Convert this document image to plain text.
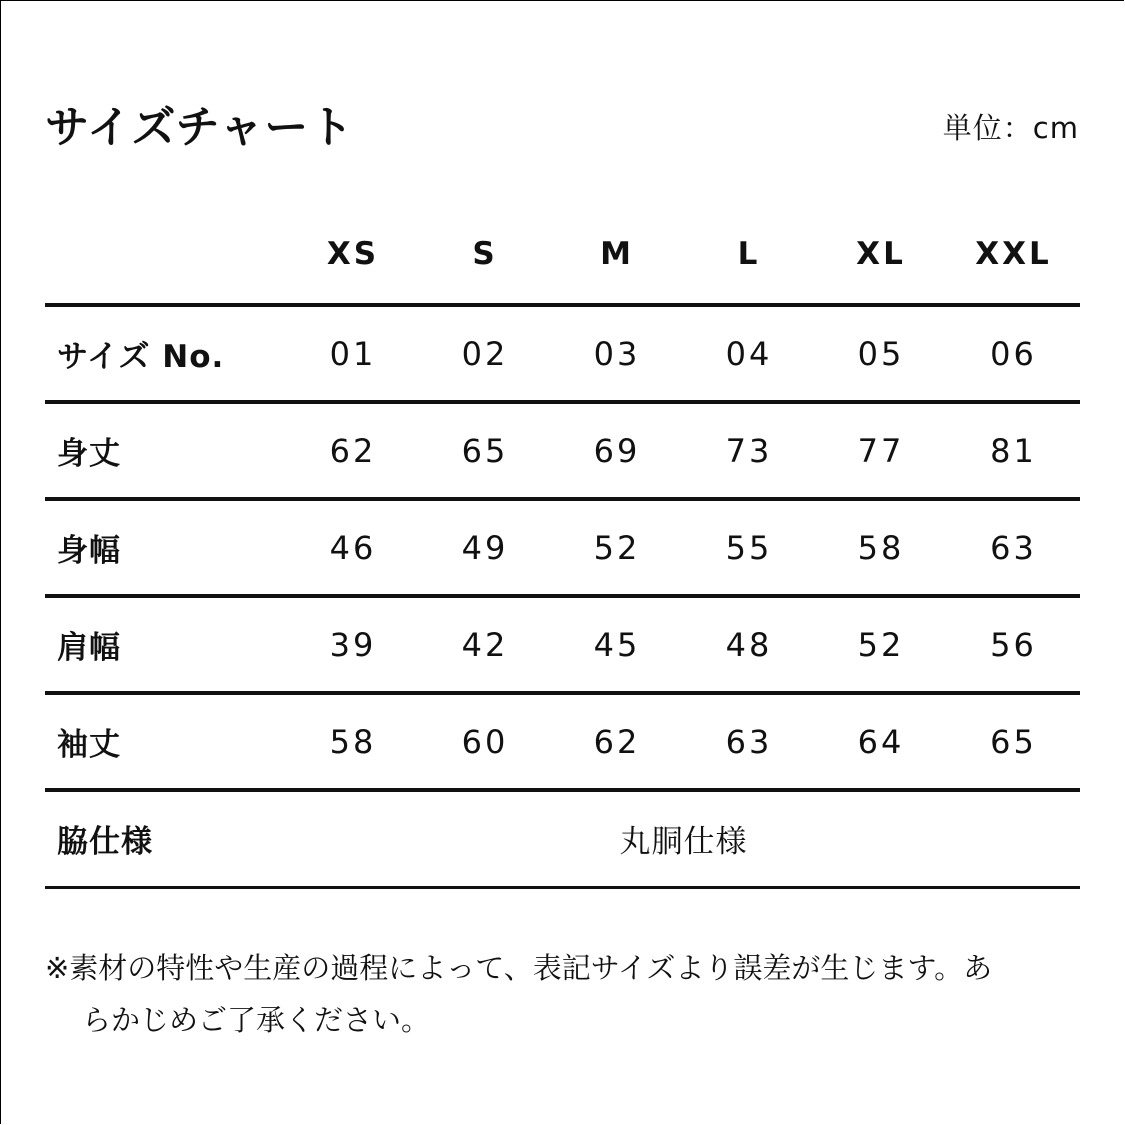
サイズチャート	単位：cm
	XS	S	M	L	XL	XXL
サイズ No.	01	02	03	04	05	06
身丈	62	65	69	73	77	81
身幅	46	49	52	55	58	63
肩幅	39	42	45	48	52	56
袖丈	58	60	62	63	64	65
脇仕様	丸胴仕様					
※素材の特性や生産の過程によって、表記サイズより誤差が生じます。あ
らかじめご了承ください。
